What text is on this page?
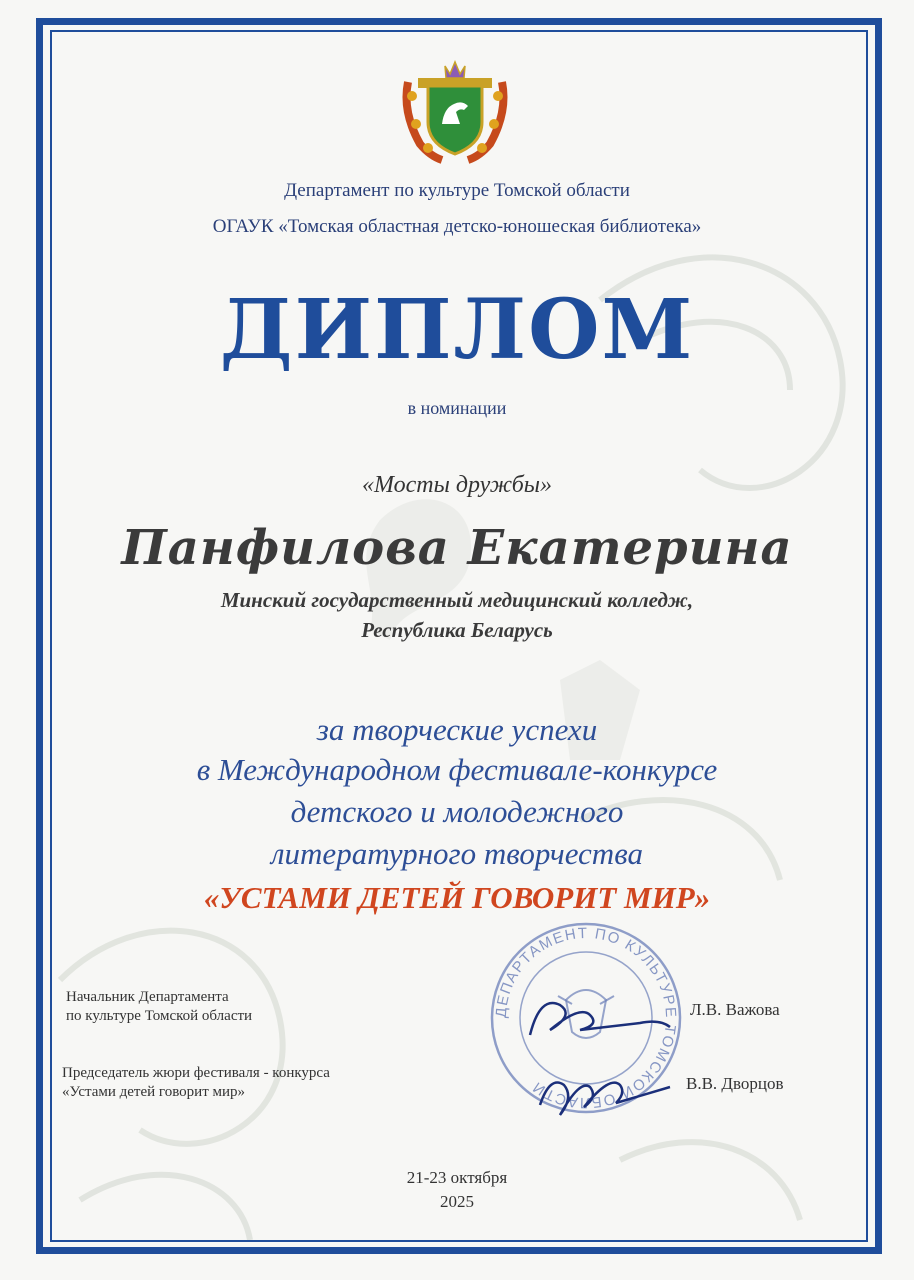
Департамент по культуре Томской области
ОГАУК «Томская областная детско-юношеская библиотека»
ДИПЛОМ
в номинации
«Мосты дружбы»
Панфилова Екатерина
Минский государственный медицинский колледж,
Республика Беларусь
за творческие успехи
в Международном фестивале-конкурсе
детского и молодежного
литературного творчества
«УСТАМИ ДЕТЕЙ ГОВОРИТ МИР»
ДЕПАРТАМЕНТ ПО КУЛЬТУРЕ ТОМСКОЙ ОБЛАСТИ
Начальник Департамента
по культуре Томской области	Л.В. Важова
Председатель жюри фестиваля - конкурса
«Устами детей говорит мир»	В.В. Дворцов
21-23 октября
2025
